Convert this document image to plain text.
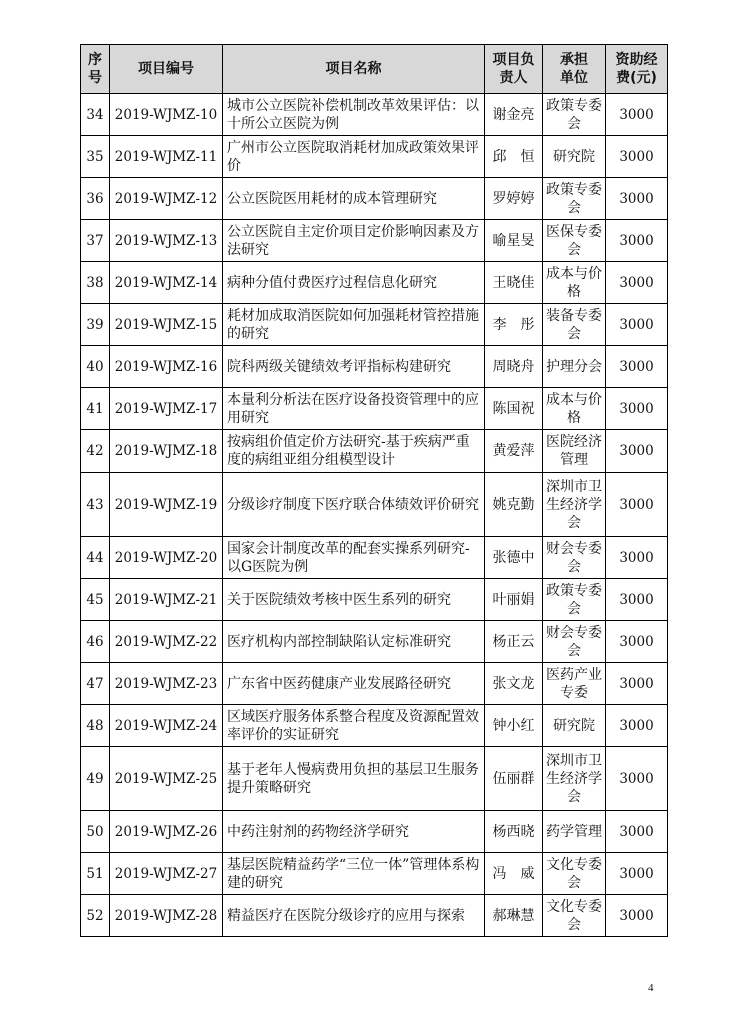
序号	项目编号	项目名称	项目负责人	承担单位	资助经费(元)
34	2019-WJMZ-10	城市公立医院补偿机制改革效果评估：以十所公立医院为例	谢金亮	政策专委会	3000
35	2019-WJMZ-11	广州市公立医院取消耗材加成政策效果评价	邱　恒	研究院	3000
36	2019-WJMZ-12	公立医院医用耗材的成本管理研究	罗婷婷	政策专委会	3000
37	2019-WJMZ-13	公立医院自主定价项目定价影响因素及方法研究	喻星旻	医保专委会	3000
38	2019-WJMZ-14	病种分值付费医疗过程信息化研究	王晓佳	成本与价格	3000
39	2019-WJMZ-15	耗材加成取消医院如何加强耗材管控措施的研究	李　彤	装备专委会	3000
40	2019-WJMZ-16	院科两级关键绩效考评指标构建研究	周晓舟	护理分会	3000
41	2019-WJMZ-17	本量利分析法在医疗设备投资管理中的应用研究	陈国祝	成本与价格	3000
42	2019-WJMZ-18	按病组价值定价方法研究-基于疾病严重度的病组亚组分组模型设计	黄爱萍	医院经济管理	3000
43	2019-WJMZ-19	分级诊疗制度下医疗联合体绩效评价研究	姚克勤	深圳市卫生经济学会	3000
44	2019-WJMZ-20	国家会计制度改革的配套实操系列研究-以G医院为例	张德中	财会专委会	3000
45	2019-WJMZ-21	关于医院绩效考核中医生系列的研究	叶丽娟	政策专委会	3000
46	2019-WJMZ-22	医疗机构内部控制缺陷认定标准研究	杨正云	财会专委会	3000
47	2019-WJMZ-23	广东省中医药健康产业发展路径研究	张文龙	医药产业专委	3000
48	2019-WJMZ-24	区域医疗服务体系整合程度及资源配置效率评价的实证研究	钟小红	研究院	3000
49	2019-WJMZ-25	基于老年人慢病费用负担的基层卫生服务提升策略研究	伍丽群	深圳市卫生经济学会	3000
50	2019-WJMZ-26	中药注射剂的药物经济学研究	杨西晓	药学管理	3000
51	2019-WJMZ-27	基层医院精益药学“三位一体”管理体系构建的研究	冯　威	文化专委会	3000
52	2019-WJMZ-28	精益医疗在医院分级诊疗的应用与探索	郝琳慧	文化专委会	3000
4
